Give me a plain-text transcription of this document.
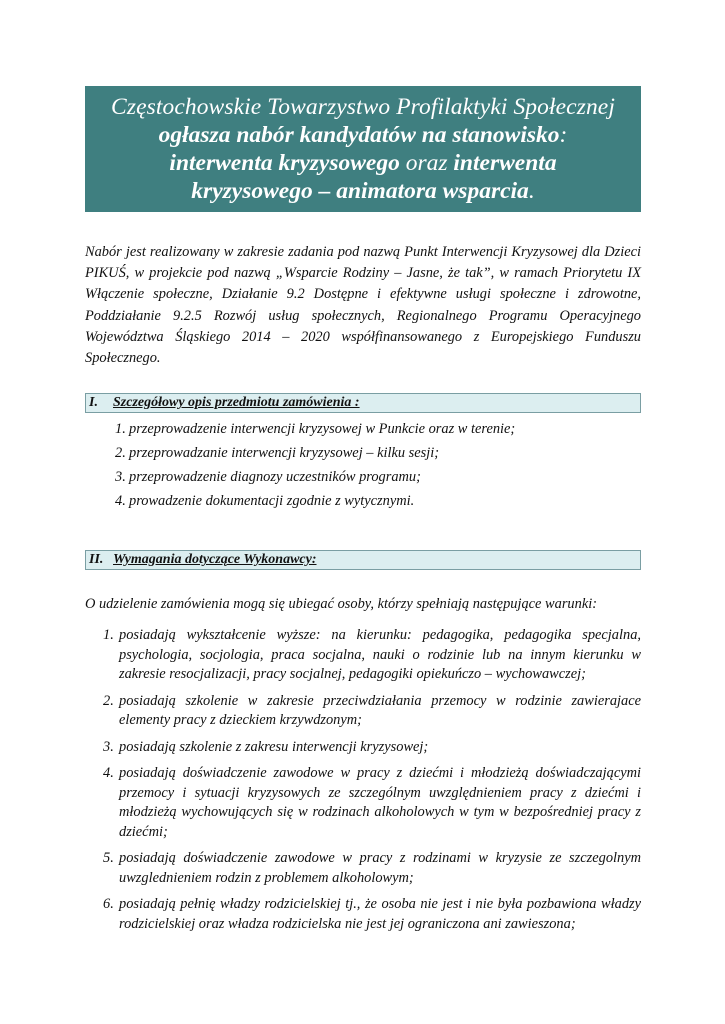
Częstochowskie Towarzystwo Profilaktyki Społecznej
ogłasza nabór kandydatów na stanowisko:
interwenta kryzysowego oraz interwenta
kryzysowego – animatora wsparcia.

Nabór jest realizowany w zakresie zadania pod nazwą Punkt Interwencji Kryzysowej dla Dzieci PIKUŚ, w projekcie pod nazwą „Wsparcie Rodziny – Jasne, że tak”, w ramach Priorytetu IX Włączenie społeczne, Działanie 9.2 Dostępne i efektywne usługi społeczne i zdrowotne, Poddziałanie 9.2.5 Rozwój usług społecznych, Regionalnego Programu Operacyjnego Województwa Śląskiego 2014 – 2020 współfinansowanego z Europejskiego Funduszu Społecznego.

I. Szczegółowy opis przedmiotu zamówienia :
1. przeprowadzenie interwencji kryzysowej w Punkcie oraz w terenie;
2. przeprowadzanie interwencji kryzysowej – kilku sesji;
3. przeprowadzenie diagnozy uczestników programu;
4. prowadzenie dokumentacji zgodnie z wytycznymi.
II. Wymagania dotyczące Wykonawcy:
O udzielenie zamówienia mogą się ubiegać osoby, którzy spełniają następujące warunki:
1. posiadają wykształcenie wyższe: na kierunku: pedagogika, pedagogika specjalna, psychologia, socjologia, praca socjalna, nauki o rodzinie lub na innym kierunku w zakresie resocjalizacji, pracy socjalnej, pedagogiki opiekuńczo – wychowawczej;
2. posiadają szkolenie w zakresie przeciwdziałania przemocy w rodzinie zawierajace elementy pracy z dzieckiem krzywdzonym;
3. posiadają szkolenie z zakresu interwencji kryzysowej;
4. posiadają doświadczenie zawodowe w pracy z dziećmi i młodzieżą doświadczającymi przemocy i sytuacji kryzysowych ze szczególnym uwzględnieniem pracy z dziećmi i młodzieżą wychowujących się w rodzinach alkoholowych w tym w bezpośredniej pracy z dziećmi;
5. posiadają doświadczenie zawodowe w pracy z rodzinami w kryzysie ze szczegolnym uwzglednieniem rodzin z problemem alkoholowym;
6. posiadają pełnię władzy rodzicielskiej tj., że osoba nie jest i nie była pozbawiona władzy rodzicielskiej oraz władza rodzicielska nie jest jej ograniczona ani zawieszona;
